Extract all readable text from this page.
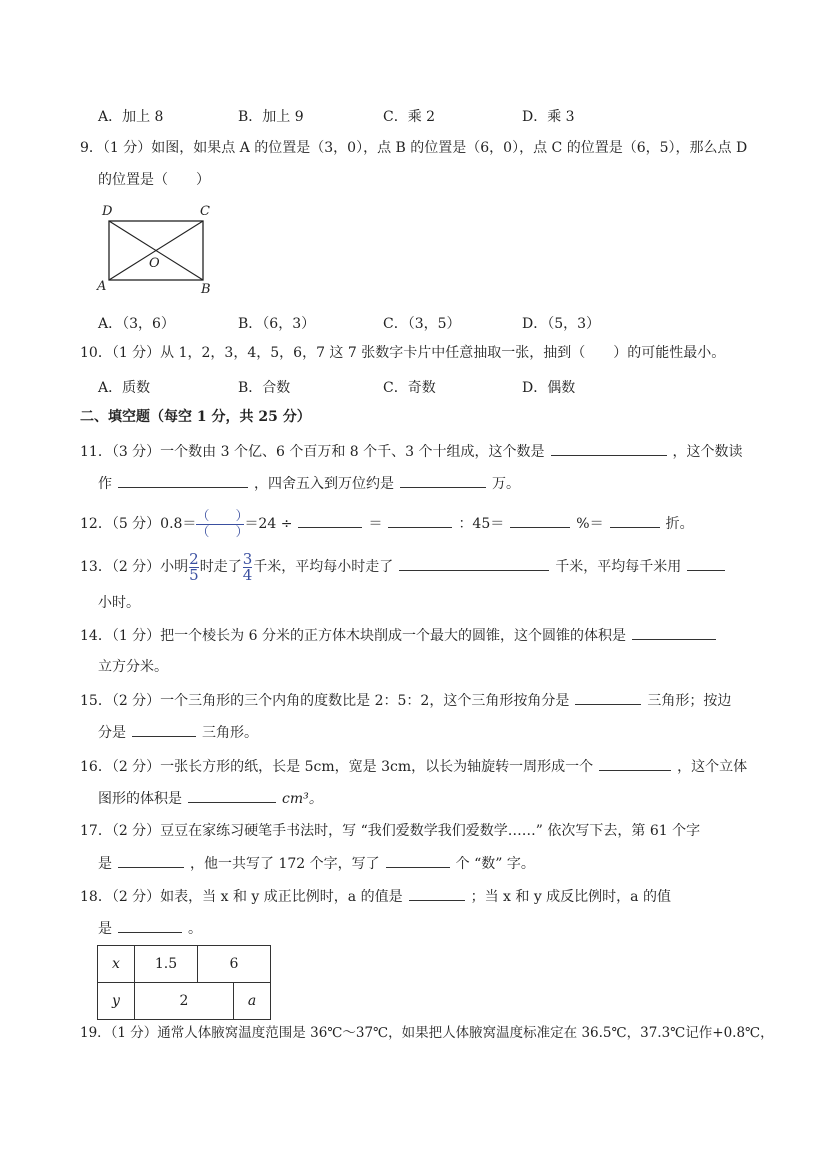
A．加上 8	B．加上 9	C．乘 2	D．乘 3
9．（1 分）如图，如果点 A 的位置是（3，0），点 B 的位置是（6，0），点 C 的位置是（6，5），那么点 D
的位置是（　　）
D	C
O
A	B
A．（3，6）	B．（6，3）	C．（3，5）	D．（5，3）
10．（1 分）从 1，2，3，4，5，6，7 这 7 张数字卡片中任意抽取一张，抽到（　　）的可能性最小。
A．质数	B．合数	C．奇数	D．偶数
二、填空题（每空 1 分，共 25 分）
11．（3 分）一个数由 3 个亿、6 个百万和 8 个千、3 个十组成，这个数是	，这个数读
作	，四舍五入到万位约是	万。
12．（5 分）0.8＝ （　　）
（　　）＝24 ÷	＝	：45＝	%＝	折。
13．（2 分）小明 $\frac{2}{5}$ 时走了 $\frac{3}{4}$ 千米，平均每小时走了	千米，平均每千米用
小时。
14．（1 分）把一个棱长为 6 分米的正方体木块削成一个最大的圆锥，这个圆锥的体积是
立方分米。
15．（2 分）一个三角形的三个内角的度数比是 2：5：2，这个三角形按角分是	三角形；按边
分是	三角形。
16．（2 分）一张长方形的纸，长是 5cm，宽是 3cm，以长为轴旋转一周形成一个	，这个立体
图形的体积是	cm³。
17．（2 分）豆豆在家练习硬笔手书法时，写 “我们爱数学我们爱数学……” 依次写下去，第 61 个字
是	，他一共写了 172 个字，写了	个 “数” 字。
18．（2 分）如表，当 x 和 y 成正比例时，a 的值是	；当 x 和 y 成反比例时，a 的值
是	。
x	1.5	6	
y	2		a
19．（1 分）通常人体腋窝温度范围是 36℃～37℃，如果把人体腋窝温度标准定在 36.5℃，37.3℃记作+0.8℃，
